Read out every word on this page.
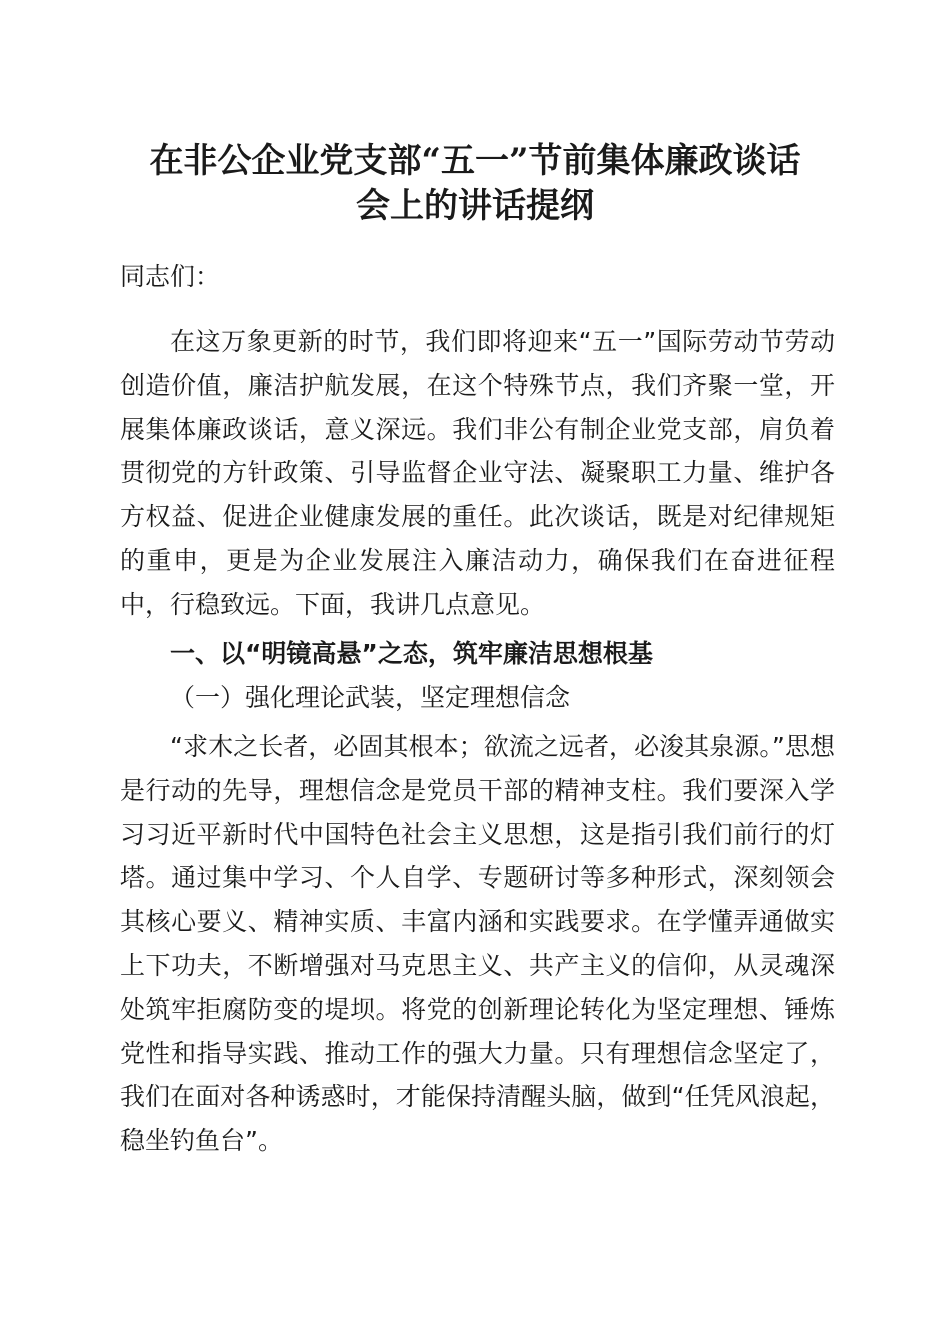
在非公企业党支部“五一”节前集体廉政谈话
会上的讲话提纲

同志们：

在这万象更新的时节，我们即将迎来“五一”国际劳动节劳动创造价值，廉洁护航发展，在这个特殊节点，我们齐聚一堂，开展集体廉政谈话，意义深远。我们非公有制企业党支部，肩负着贯彻党的方针政策、引导监督企业守法、凝聚职工力量、维护各方权益、促进企业健康发展的重任。此次谈话，既是对纪律规矩的重申，更是为企业发展注入廉洁动力，确保我们在奋进征程中，行稳致远。下面，我讲几点意见。

一、以“明镜高悬”之态，筑牢廉洁思想根基

（一）强化理论武装，坚定理想信念

“求木之长者，必固其根本；欲流之远者，必浚其泉源。”思想是行动的先导，理想信念是党员干部的精神支柱。我们要深入学习习近平新时代中国特色社会主义思想，这是指引我们前行的灯塔。通过集中学习、个人自学、专题研讨等多种形式，深刻领会其核心要义、精神实质、丰富内涵和实践要求。在学懂弄通做实上下功夫，不断增强对马克思主义、共产主义的信仰，从灵魂深处筑牢拒腐防变的堤坝。将党的创新理论转化为坚定理想、锤炼党性和指导实践、推动工作的强大力量。只有理想信念坚定了，我们在面对各种诱惑时，才能保持清醒头脑，做到“任凭风浪起，稳坐钓鱼台”。
